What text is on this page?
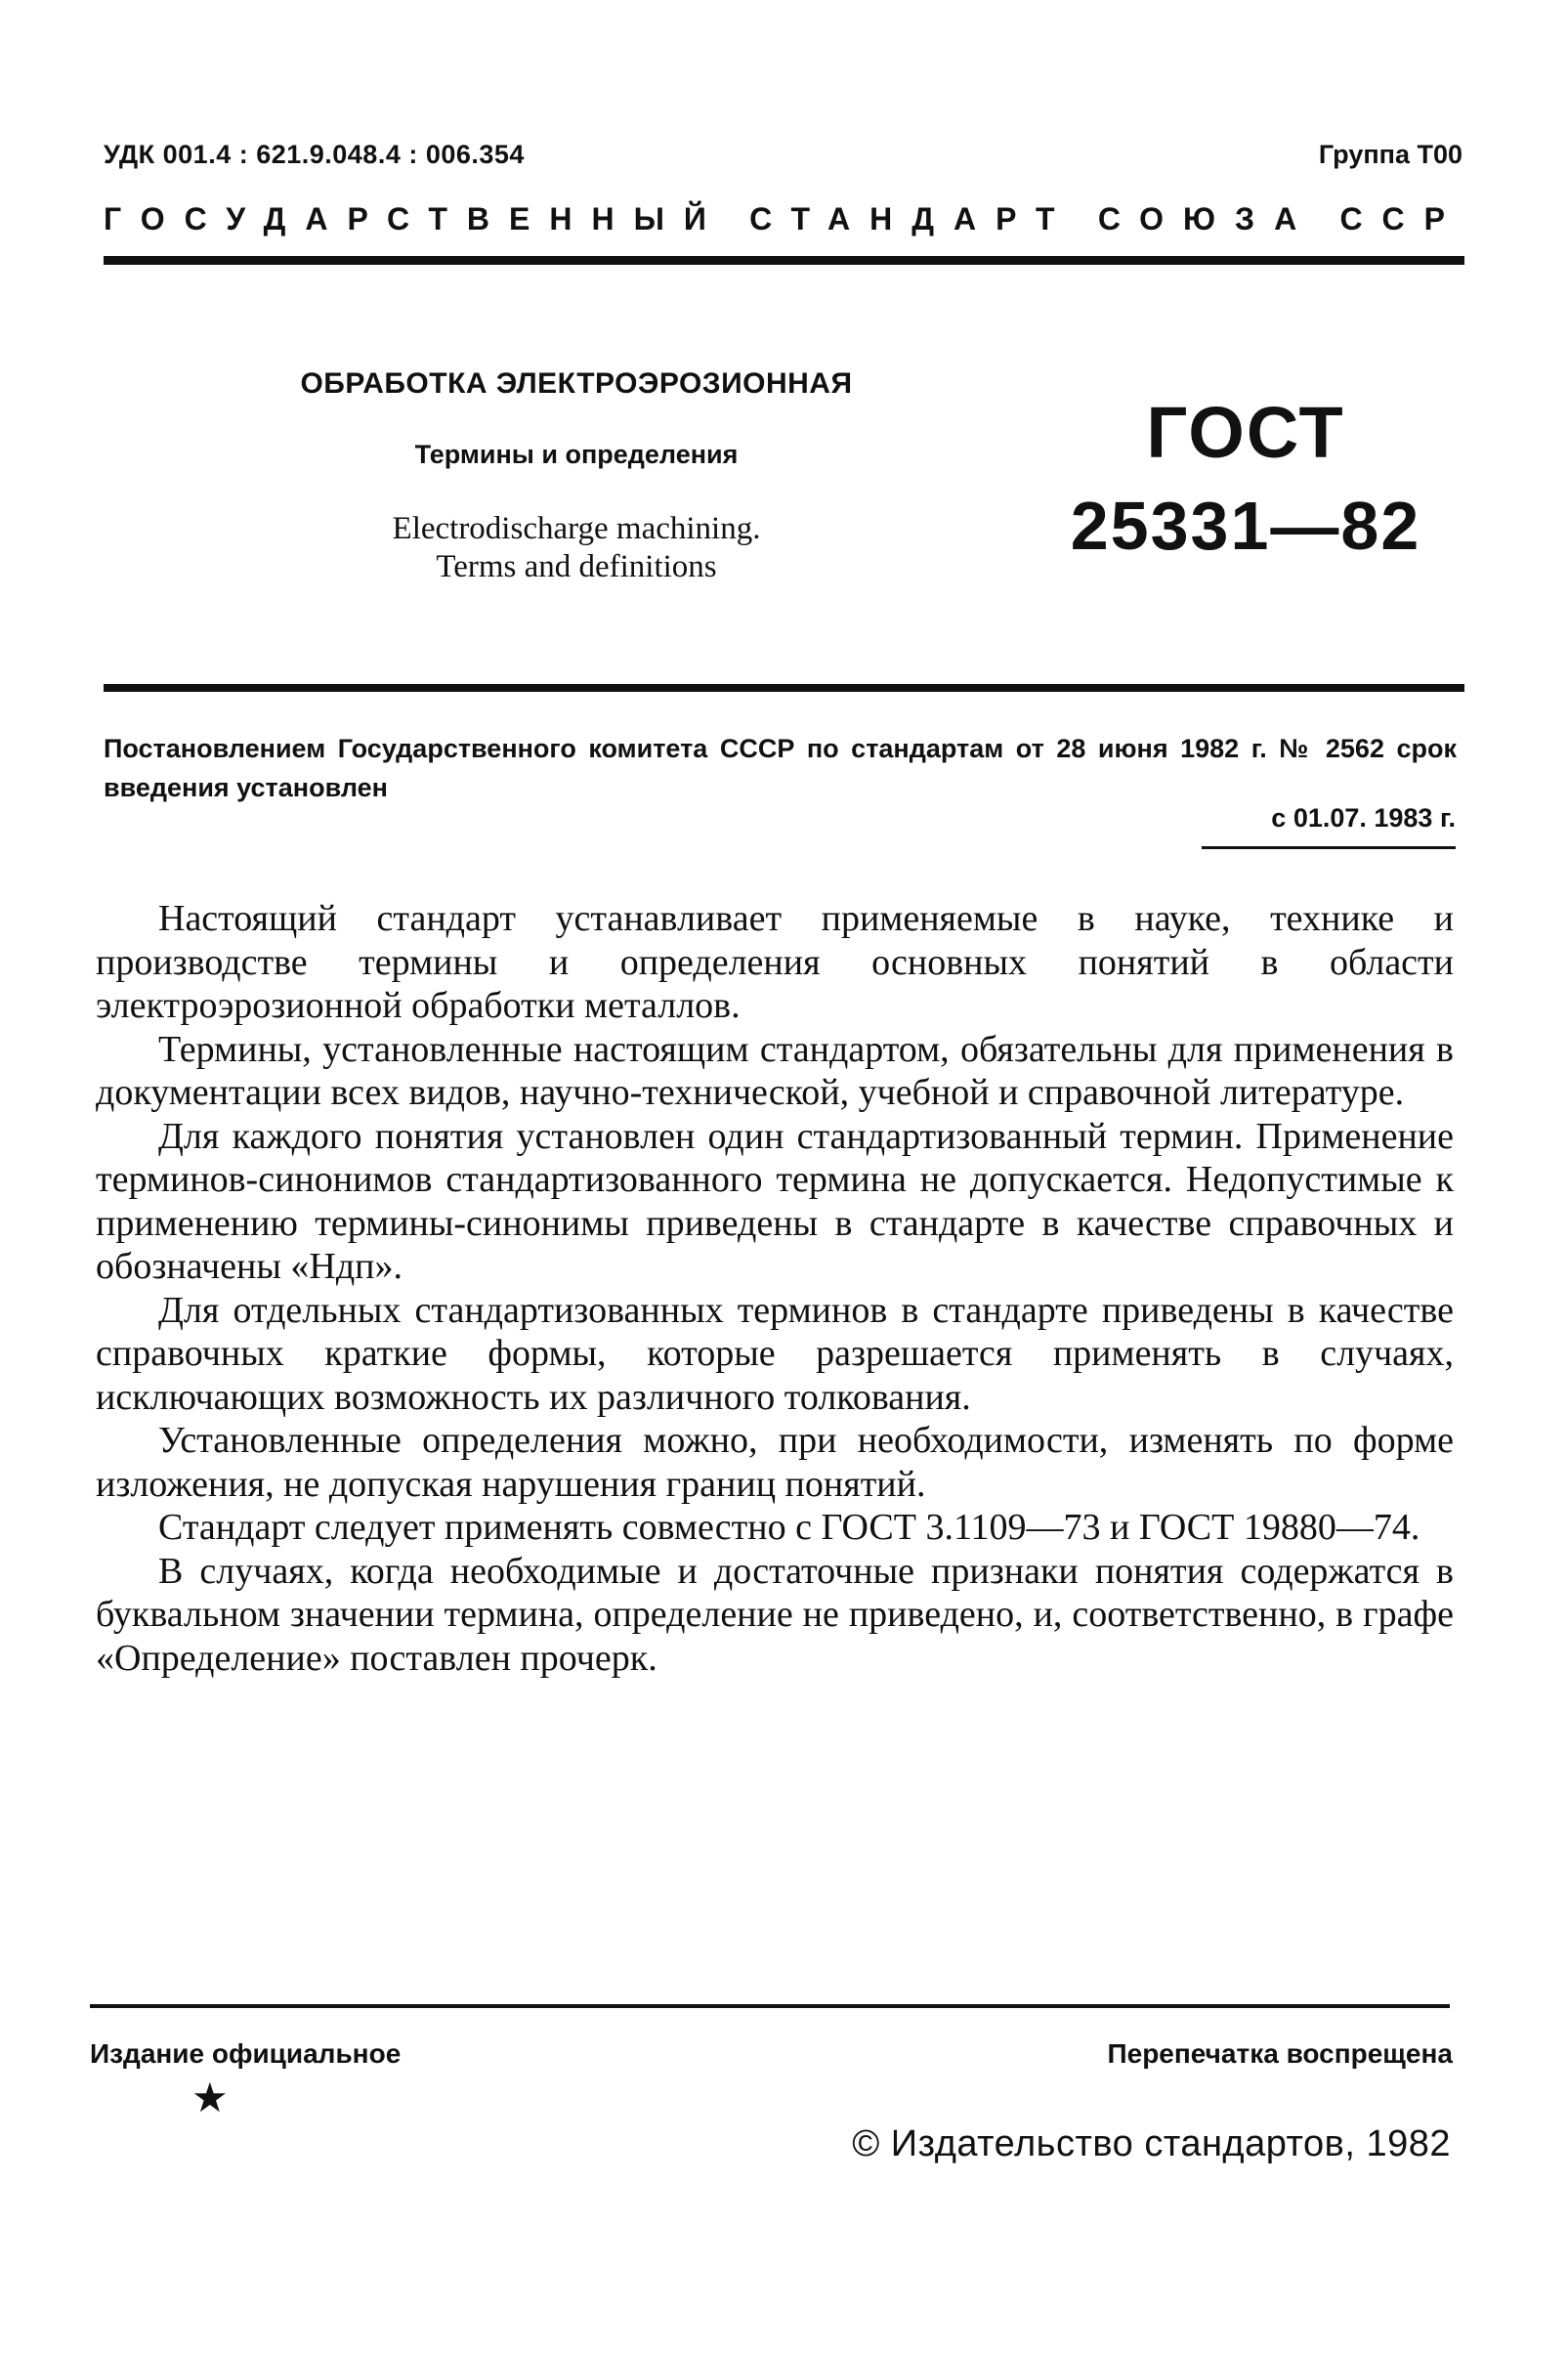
УДК 001.4 : 621.9.048.4 : 006.354	Группа Т00
ГОСУДАРСТВЕННЫЙ СТАНДАРТ СОЮЗА ССР
ОБРАБОТКА ЭЛЕКТРОЭРОЗИОННАЯ
Термины и определения
Electrodischarge machining.
Terms and definitions
ГОСТ
25331—82
Постановлением Государственного комитета СССР по стандартам от 28 июня 1982 г. № 2562 срок введения установлен
с 01.07. 1983 г.

Настоящий стандарт устанавливает применяемые в науке, технике и производстве термины и определения основных понятий в области электроэрозионной обработки металлов.

Термины, установленные настоящим стандартом, обязательны для применения в документации всех видов, научно-технической, учебной и справочной литературе.

Для каждого понятия установлен один стандартизованный термин. Применение терминов-синонимов стандартизованного термина не допускается. Недопустимые к применению термины-синонимы приведены в стандарте в качестве справочных и обозначены «Ндп».

Для отдельных стандартизованных терминов в стандарте приведены в качестве справочных краткие формы, которые разрешается применять в случаях, исключающих возможность их различного толкования.

Установленные определения можно, при необходимости, изменять по форме изложения, не допуская нарушения границ понятий.

Стандарт следует применять совместно с ГОСТ 3.1109—73 и ГОСТ 19880—74.

В случаях, когда необходимые и достаточные признаки понятия содержатся в буквальном значении термина, определение не приведено, и, соответственно, в графе «Определение» поставлен прочерк.

Издание официальное	Перепечатка воспрещена
★
© Издательство стандартов, 1982
